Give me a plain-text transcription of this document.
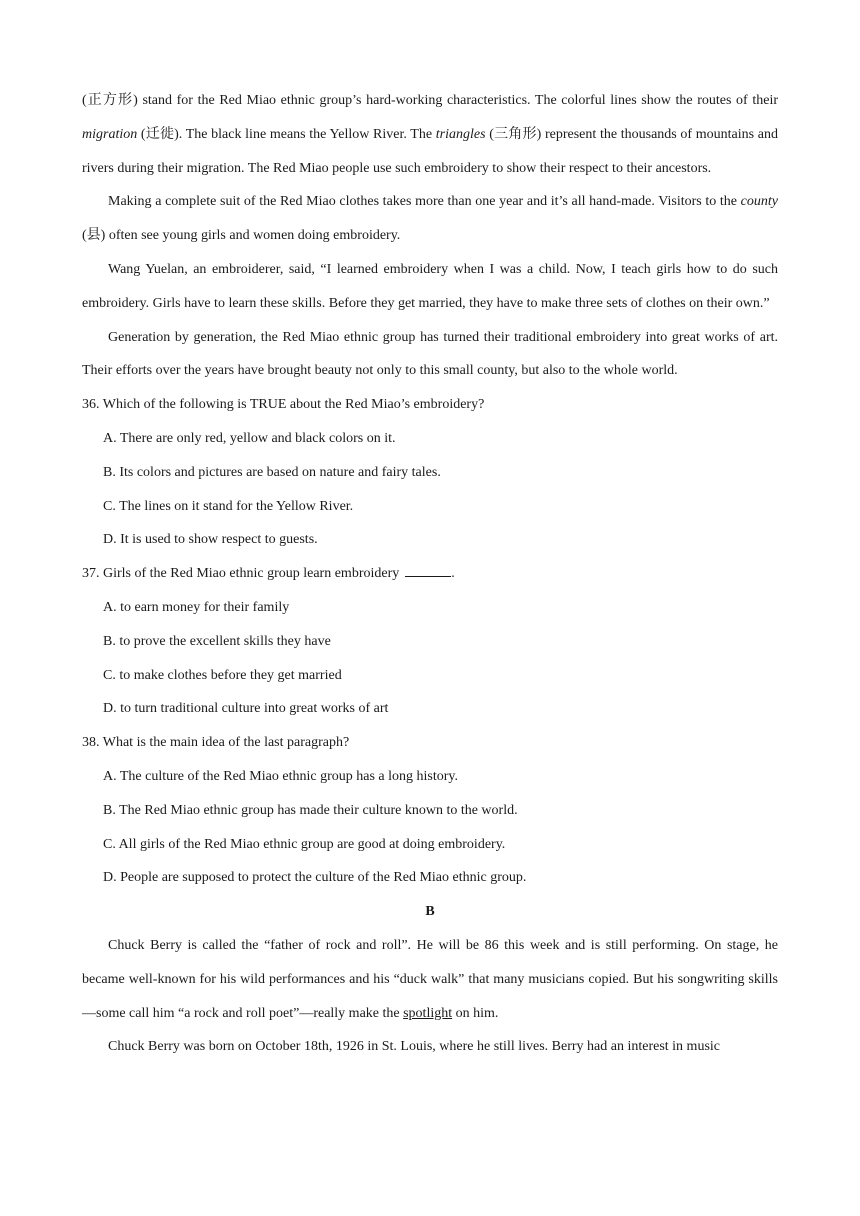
(正方形) stand for the Red Miao ethnic group’s hard-working characteristics. The colorful lines show the routes of their migration (迁徙). The black line means the Yellow River. The triangles (三角形) represent the thousands of mountains and rivers during their migration. The Red Miao people use such embroidery to show their respect to their ancestors.
Making a complete suit of the Red Miao clothes takes more than one year and it’s all hand-made. Visitors to the county (县) often see young girls and women doing embroidery.
Wang Yuelan, an embroiderer, said, “I learned embroidery when I was a child. Now, I teach girls how to do such embroidery. Girls have to learn these skills. Before they get married, they have to make three sets of clothes on their own.”
Generation by generation, the Red Miao ethnic group has turned their traditional embroidery into great works of art. Their efforts over the years have brought beauty not only to this small county, but also to the whole world.
36. Which of the following is TRUE about the Red Miao’s embroidery?
A. There are only red, yellow and black colors on it.
B. Its colors and pictures are based on nature and fairy tales.
C. The lines on it stand for the Yellow River.
D. It is used to show respect to guests.
37. Girls of the Red Miao ethnic group learn embroidery	.
A. to earn money for their family
B. to prove the excellent skills they have
C. to make clothes before they get married
D. to turn traditional culture into great works of art
38. What is the main idea of the last paragraph?
A. The culture of the Red Miao ethnic group has a long history.
B. The Red Miao ethnic group has made their culture known to the world.
C. All girls of the Red Miao ethnic group are good at doing embroidery.
D. People are supposed to protect the culture of the Red Miao ethnic group.
B
Chuck Berry is called the “father of rock and roll”. He will be 86 this week and is still performing. On stage, he became well-known for his wild performances and his “duck walk” that many musicians copied. But his songwriting skills—some call him “a rock and roll poet”—really make the spotlight on him.
Chuck Berry was born on October 18th, 1926 in St. Louis, where he still lives. Berry had an interest in music
